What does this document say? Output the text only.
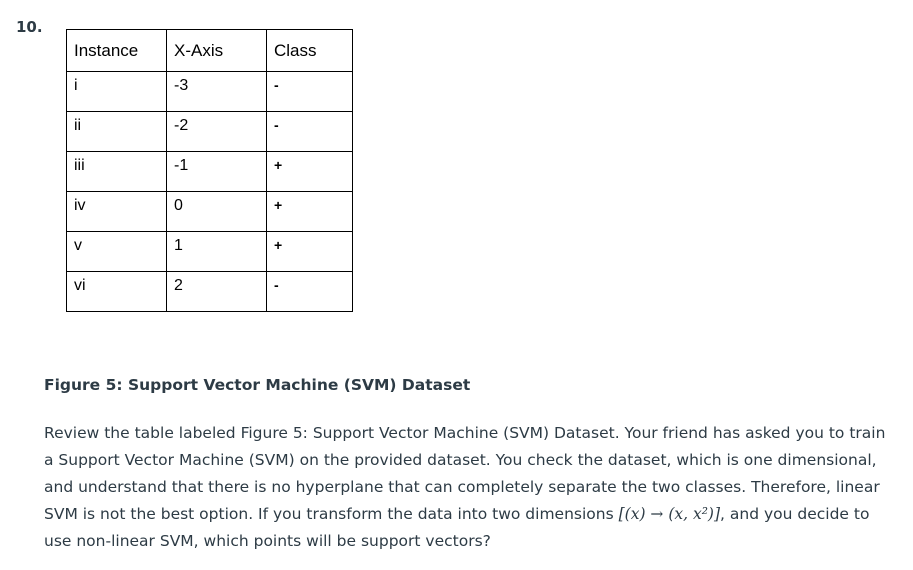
10.
Instance	X-Axis	Class
i	-3	-
ii	-2	-
iii	-1	+
iv	0	+
v	1	+
vi	2	-
Figure 5: Support Vector Machine (SVM) Dataset
Review the table labeled Figure 5: Support Vector Machine (SVM) Dataset. Your friend has asked you to train a Support Vector Machine (SVM) on the provided dataset. You check the dataset, which is one dimensional, and understand that there is no hyperplane that can completely separate the two classes. Therefore, linear SVM is not the best option. If you transform the data into two dimensions [(x) → (x, x²)], and you decide to use non-linear SVM, which points will be support vectors?
